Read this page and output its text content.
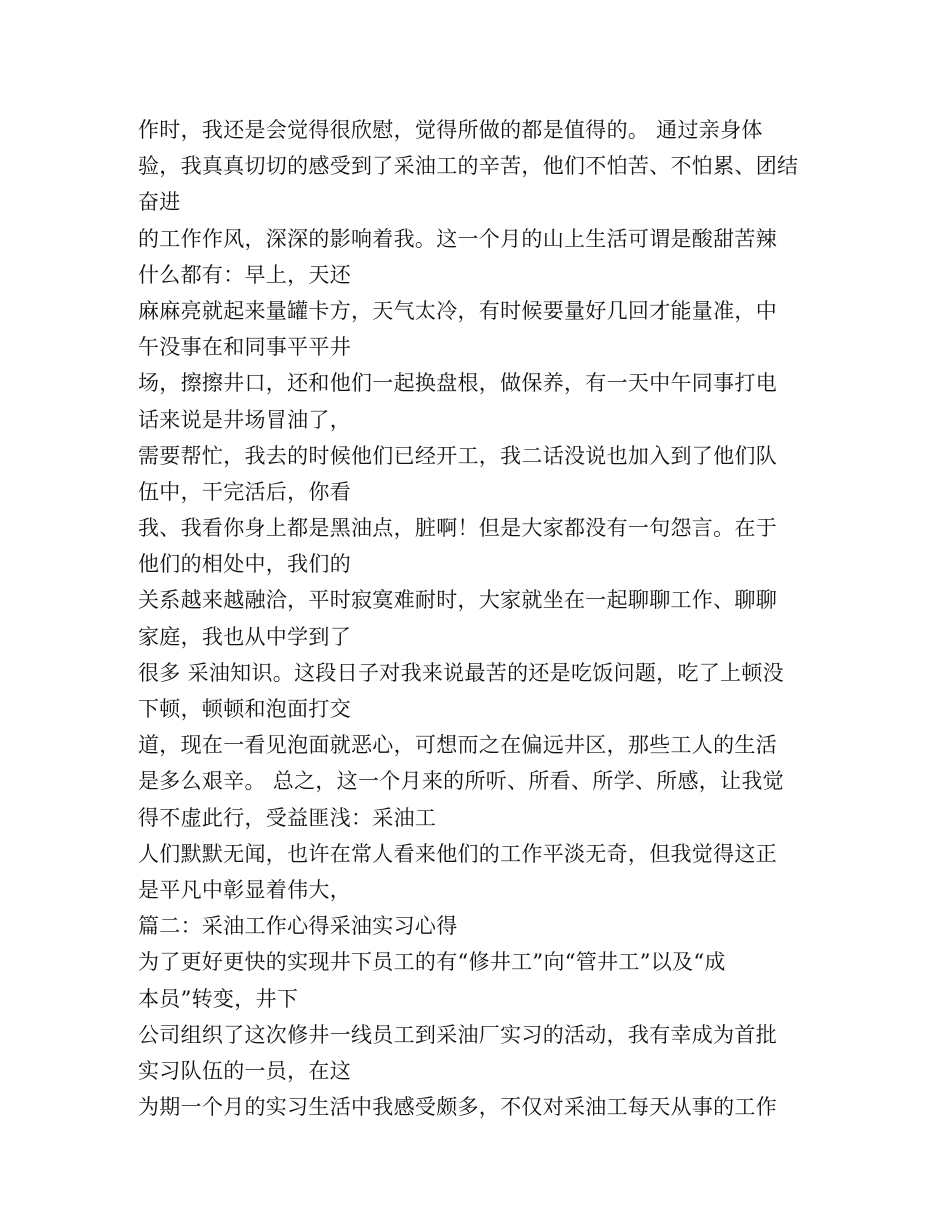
作时，我还是会觉得很欣慰，觉得所做的都是值得的。 通过亲身体
验，我真真切切的感受到了采油工的辛苦，他们不怕苦、不怕累、团结
奋进
的工作作风，深深的影响着我。这一个月的山上生活可谓是酸甜苦辣
什么都有：早上，天还
麻麻亮就起来量罐卡方，天气太冷，有时候要量好几回才能量准，中
午没事在和同事平平井
场，擦擦井口，还和他们一起换盘根，做保养，有一天中午同事打电
话来说是井场冒油了，
需要帮忙，我去的时候他们已经开工，我二话没说也加入到了他们队
伍中，干完活后，你看
我、我看你身上都是黑油点，脏啊！但是大家都没有一句怨言。在于
他们的相处中，我们的
关系越来越融洽，平时寂寞难耐时，大家就坐在一起聊聊工作、聊聊
家庭，我也从中学到了
很多 采油知识。这段日子对我来说最苦的还是吃饭问题，吃了上顿没
下顿，顿顿和泡面打交
道，现在一看见泡面就恶心，可想而之在偏远井区，那些工人的生活
是多么艰辛。 总之，这一个月来的所听、所看、所学、所感，让我觉
得不虚此行，受益匪浅：采油工
人们默默无闻，也许在常人看来他们的工作平淡无奇，但我觉得这正
是平凡中彰显着伟大，
篇二：采油工作心得采油实习心得
为了更好更快的实现井下员工的有“修井工”向“管井工”以及“成
本员”转变，井下
公司组织了这次修井一线员工到采油厂实习的活动，我有幸成为首批
实习队伍的一员，在这
为期一个月的实习生活中我感受颇多，不仅对采油工每天从事的工作
